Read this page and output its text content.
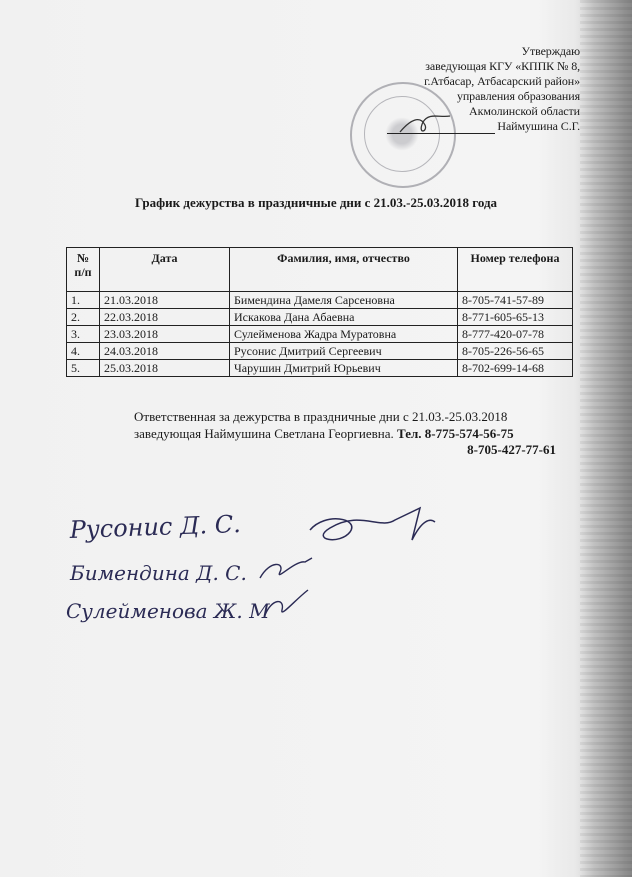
Утверждаю
заведующая КГУ «КППК № 8,
г.Атбасар, Атбасарский район»
управления образования
Акмолинской области
Наймушина С.Г.
График дежурства в праздничные дни с 21.03.-25.03.2018 года
№ п/п	Дата	Фамилия, имя, отчество	Номер телефона
1.	21.03.2018	Бимендина Дамеля Сарсеновна	8-705-741-57-89
2.	22.03.2018	Искакова Дана Абаевна	8-771-605-65-13
3.	23.03.2018	Сулейменова Жадра Муратовна	8-777-420-07-78
4.	24.03.2018	Русонис Дмитрий Сергеевич	8-705-226-56-65
5.	25.03.2018	Чарушин Дмитрий Юрьевич	8-702-699-14-68
Ответственная за дежурства в праздничные дни с 21.03.-25.03.2018
заведующая Наймушина Светлана Георгиевна. Тел. 8-775-574-56-75
8-705-427-77-61
Русонис Д. С.
Бимендина Д. С.
Сулейменова Ж. М
